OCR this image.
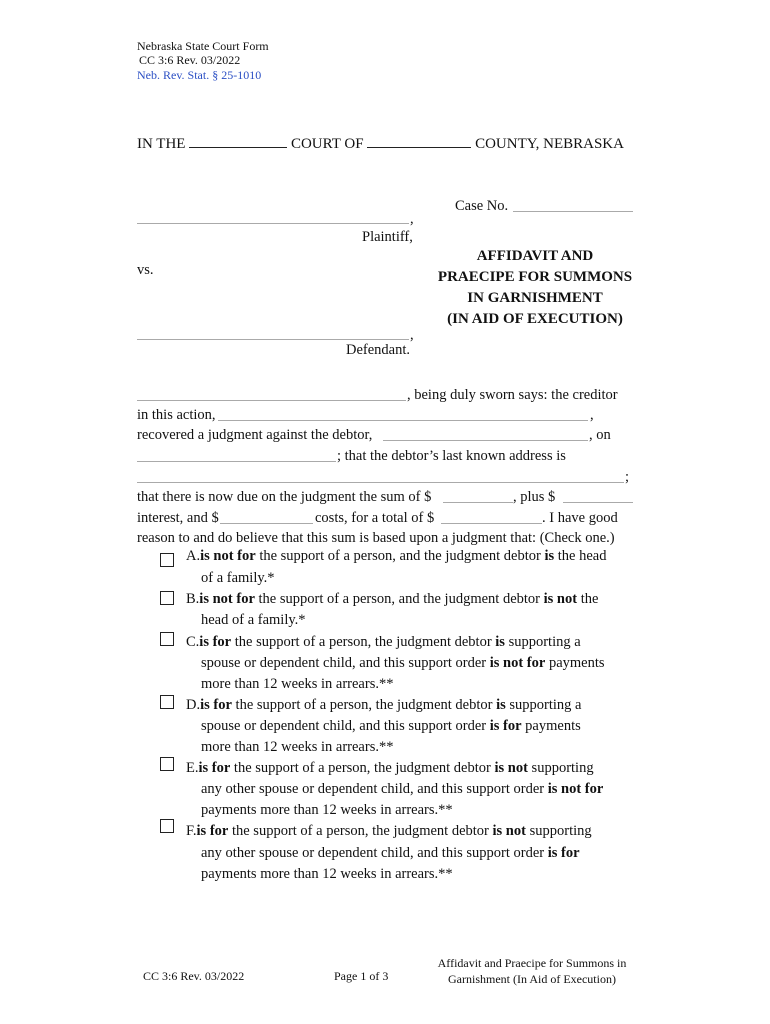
Nebraska State Court Form
CC 3:6 Rev. 03/2022
Neb. Rev. Stat. § 25-1010
IN THE	COURT OF	COUNTY, NEBRASKA
Case No.
,
Plaintiff,
vs.
AFFIDAVIT AND
PRAECIPE FOR SUMMONS
IN GARNISHMENT
(IN AID OF EXECUTION)
,
Defendant.
, being duly sworn says: the creditor
in this action,	,
recovered a judgment against the debtor,	, on
; that the debtor’s last known address is
;
that there is now due on the judgment the sum of $	, plus $
interest, and $	costs, for a total of $	. I have good
reason to and do believe that this sum is based upon a judgment that: (Check one.)
A.is not for the support of a person, and the judgment debtor is the head
of a family.*
B.is not for the support of a person, and the judgment debtor is not the
head of a family.*
C.is for the support of a person, the judgment debtor is supporting a
spouse or dependent child, and this support order is not for payments
more than 12 weeks in arrears.**
D.is for the support of a person, the judgment debtor is supporting a
spouse or dependent child, and this support order is for payments
more than 12 weeks in arrears.**
E.is for the support of a person, the judgment debtor is not supporting
any other spouse or dependent child, and this support order is not for
payments more than 12 weeks in arrears.**
F.is for the support of a person, the judgment debtor is not supporting
any other spouse or dependent child, and this support order is for
payments more than 12 weeks in arrears.**
CC 3:6 Rev. 03/2022	Page 1 of 3
Affidavit and Praecipe for Summons in
Garnishment (In Aid of Execution)
